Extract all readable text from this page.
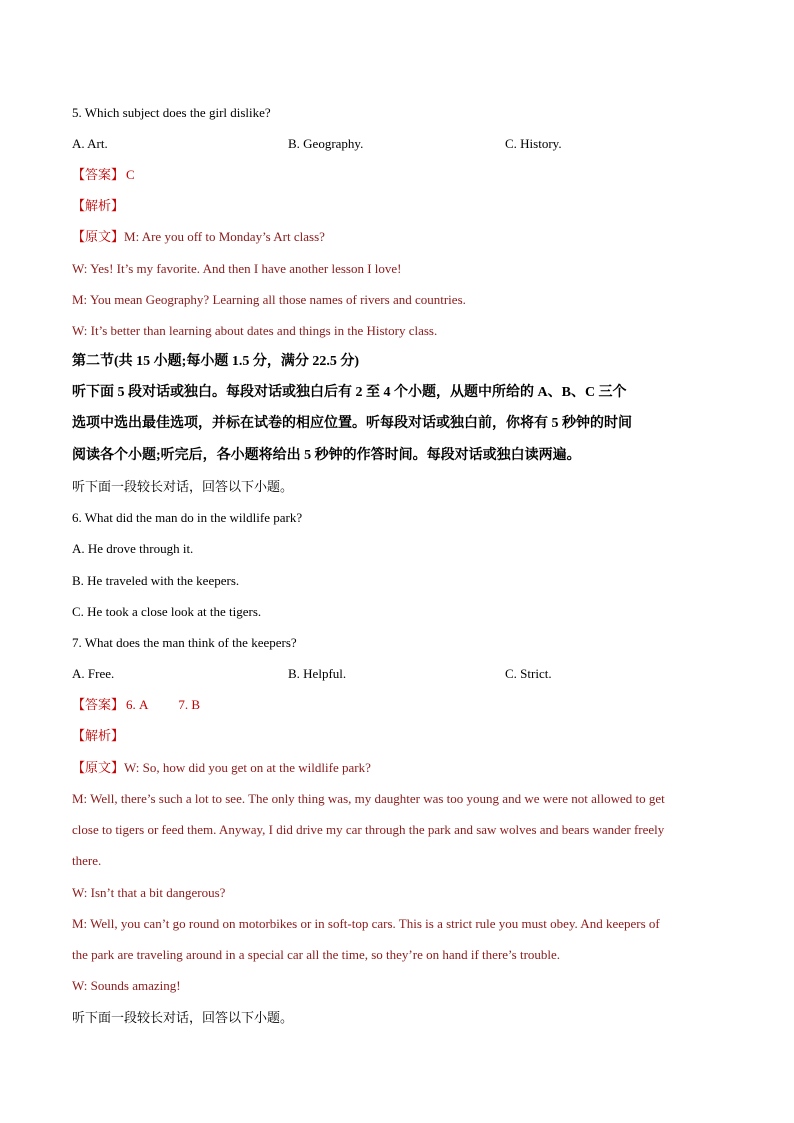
5. Which subject does the girl dislike?
A. Art.	B. Geography.	C. History.
【答案】 C
【解析】
【原文】M: Are you off to Monday’s Art class?
W: Yes! It’s my favorite. And then I have another lesson I love!
M: You mean Geography? Learning all those names of rivers and countries.
W: It’s better than learning about dates and things in the History class.
第二节(共 15 小题;每小题 1.5 分，满分 22.5 分)
听下面 5 段对话或独白。每段对话或独白后有 2 至 4 个小题，从题中所给的 A、B、C 三个
选项中选出最佳选项，并标在试卷的相应位置。听每段对话或独白前，你将有 5 秒钟的时间
阅读各个小题;听完后，各小题将给出 5 秒钟的作答时间。每段对话或独白读两遍。
听下面一段较长对话，回答以下小题。
6. What did the man do in the wildlife park?
A. He drove through it.
B. He traveled with the keepers.
C. He took a close look at the tigers.
7. What does the man think of the keepers?
A. Free.	B. Helpful.	C. Strict.
【答案】 6. A 7. B
【解析】
【原文】W: So, how did you get on at the wildlife park?
M: Well, there’s such a lot to see. The only thing was, my daughter was too young and we were not allowed to get
close to tigers or feed them. Anyway, I did drive my car through the park and saw wolves and bears wander freely
there.
W: Isn’t that a bit dangerous?
M: Well, you can’t go round on motorbikes or in soft-top cars. This is a strict rule you must obey. And keepers of
the park are traveling around in a special car all the time, so they’re on hand if there’s trouble.
W: Sounds amazing!
听下面一段较长对话，回答以下小题。
